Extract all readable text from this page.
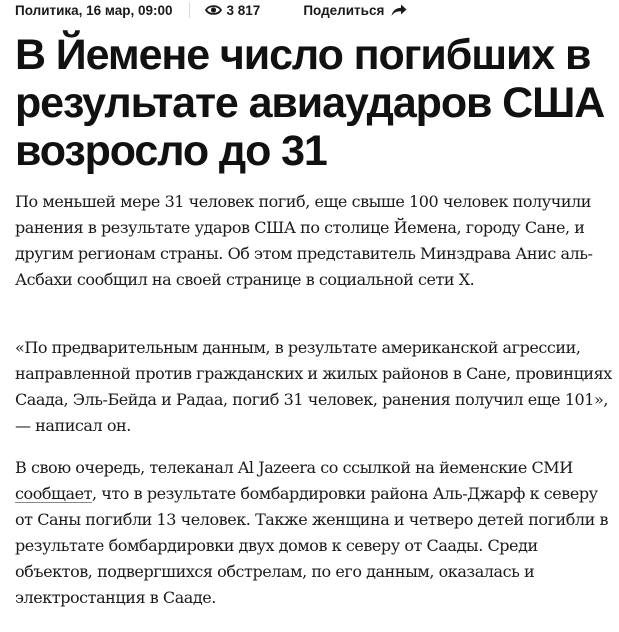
Политика, 16 мар, 09:00	3 817	Поделиться
В Йемене число погибших в результате авиаударов США возросло до 31

По меньшей мере 31 человек погиб, еще свыше 100 человек получили ранения в результате ударов США по столице Йемена, городу Сане, и другим регионам страны. Об этом представитель Минздрава Анис аль-Асбахи сообщил на своей странице в социальной сети X.

«По предварительным данным, в результате американской агрессии, направленной против гражданских и жилых районов в Сане, провинциях Саада, Эль-Бейда и Радаа, погиб 31 человек, ранения получил еще 101», — написал он.

В свою очередь, телеканал Al Jazeera со ссылкой на йеменские СМИ сообщает, что в результате бомбардировки района Аль-Джарф к северу от Саны погибли 13 человек. Также женщина и четверо детей погибли в результате бомбардировки двух домов к северу от Саады. Среди объектов, подвергшихся обстрелам, по его данным, оказалась и электростанция в Сааде.
